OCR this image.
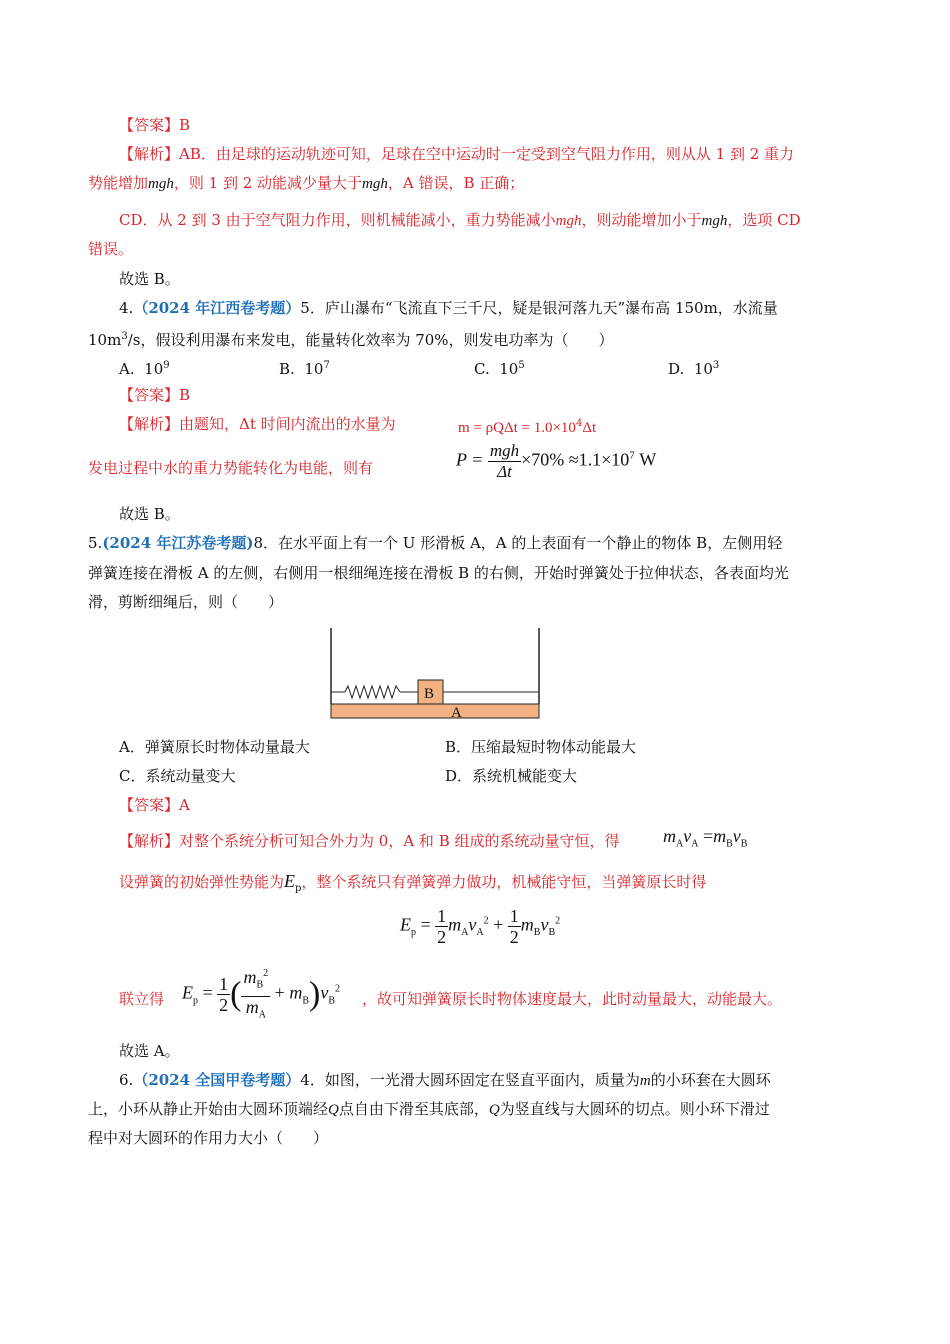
【答案】B
【解析】AB．由足球的运动轨迹可知，足球在空中运动时一定受到空气阻力作用，则从从 1 到 2 重力
势能增加mgh，则 1 到 2 动能减少量大于mgh，A 错误，B 正确；
CD．从 2 到 3 由于空气阻力作用，则机械能减小，重力势能减小mgh，则动能增加小于mgh，选项 CD
错误。
故选 B。
4.（2024 年江西卷考题）5．庐山瀑布“飞流直下三千尺，疑是银河落九天”瀑布高 150m，水流量
$10m^3/s$，假设利用瀑布来发电，能量转化效率为 70%，则发电功率为（　　）
A. $10^9$	B. $10^7$	C. $10^5$	D. $10^3$
【答案】B
【解析】由题知，Δt 时间内流出的水量为	$m = \rho Q\Delta t = 1.0\times 10^4\Delta t$
发电过程中水的重力势能转化为电能，则有	$P = \frac{\text{mgh}}{\Delta t} \times 70\% \approx 1.1\times 10^7$ W
故选 B。
5.(2024 年江苏卷考题)8．在水平面上有一个 U 形滑板 A，A 的上表面有一个静止的物体 B，左侧用轻
弹簧连接在滑板 A 的左侧，右侧用一根细绳连接在滑板 B 的右侧，开始时弹簧处于拉伸状态，各表面均光
滑，剪断细绳后，则（　　）
A
B
A．弹簧原长时物体动量最大	B．压缩最短时物体动能最大
C．系统动量变大	D．系统机械能变大
【答案】A
【解析】对整个系统分析可知合外力为 0，A 和 B 组成的系统动量守恒，得 $m_Av_A =m_Bv_B$
设弹簧的初始弹性势能为$E_p$，整个系统只有弹簧弹力做功，机械能守恒，当弹簧原长时得
$E_p = \frac{1}{2} m_Av_A^2 + \frac{1}{2} m_Bv_B^2$
联立得 $E_p = \frac{1}{2}$ ( $\frac{m_B^2}{m_A} + m_B)v_B^2$
，故可知弹簧原长时物体速度最大，此时动量最大，动能最大。
故选 A。
6.（2024 全国甲卷考题）4．如图，一光滑大圆环固定在竖直平面内，质量为m的小环套在大圆环
上，小环从静止开始由大圆环顶端经Q点自由下滑至其底部，Q为竖直线与大圆环的切点。则小环下滑过
程中对大圆环的作用力大小（　　）
